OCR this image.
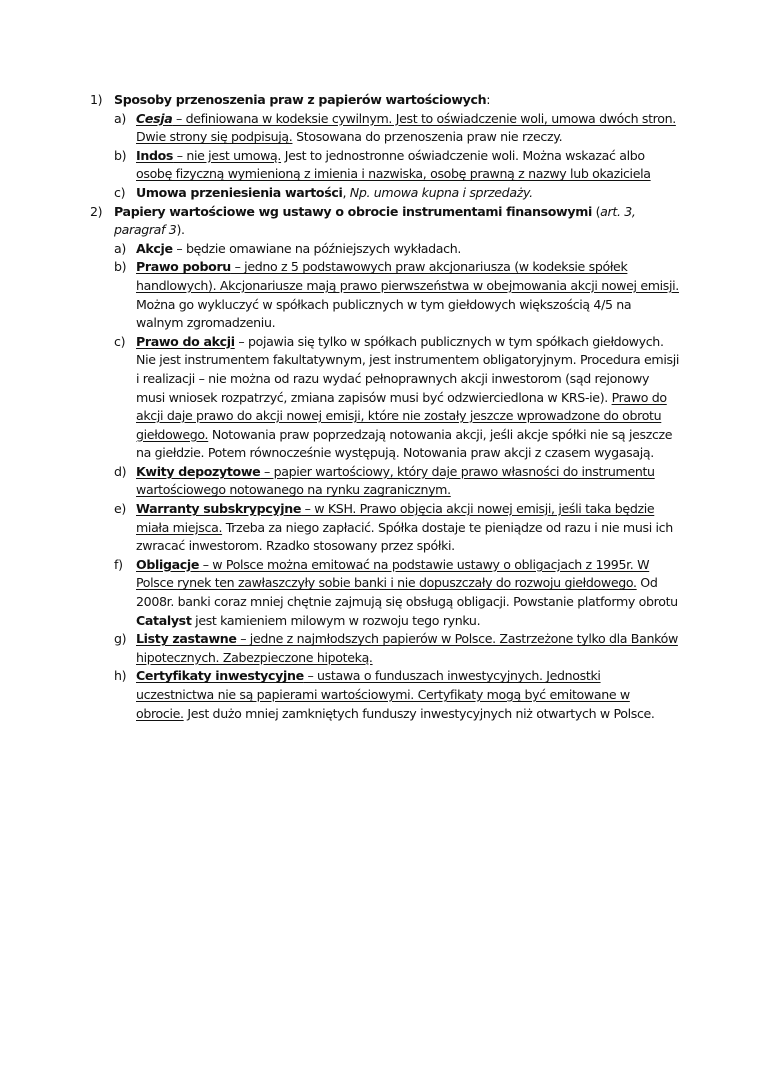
1) Sposoby przenoszenia praw z papierów wartościowych:
a) Cesja – definiowana w kodeksie cywilnym. Jest to oświadczenie woli, umowa dwóch stron. Dwie strony się podpisują. Stosowana do przenoszenia praw nie rzeczy.
b) Indos – nie jest umową. Jest to jednostronne oświadczenie woli. Można wskazać albo osobę fizyczną wymienioną z imienia i nazwiska, osobę prawną z nazwy lub okaziciela
c) Umowa przeniesienia wartości, Np. umowa kupna i sprzedaży.
2) Papiery wartościowe wg ustawy o obrocie instrumentami finansowymi (art. 3, paragraf 3).
a) Akcje – będzie omawiane na późniejszych wykładach.
b) Prawo poboru – jedno z 5 podstawowych praw akcjonariusza (w kodeksie spółek handlowych). Akcjonariusze mają prawo pierwszeństwa w obejmowania akcji nowej emisji. Można go wykluczyć w spółkach publicznych w tym giełdowych większością 4/5 na walnym zgromadzeniu.
c) Prawo do akcji – pojawia się tylko w spółkach publicznych w tym spółkach giełdowych. Nie jest instrumentem fakultatywnym, jest instrumentem obligatoryjnym. Procedura emisji i realizacji – nie można od razu wydać pełnoprawnych akcji inwestorom (sąd rejonowy musi wniosek rozpatrzyć, zmiana zapisów musi być odzwierciedlona w KRS-ie). Prawo do akcji daje prawo do akcji nowej emisji, które nie zostały jeszcze wprowadzone do obrotu giełdowego. Notowania praw poprzedzają notowania akcji, jeśli akcje spółki nie są jeszcze na giełdzie. Potem równocześnie występują. Notowania praw akcji z czasem wygasają.
d) Kwity depozytowe – papier wartościowy, który daje prawo własności do instrumentu wartościowego notowanego na rynku zagranicznym.
e) Warranty subskrypcyjne – w KSH. Prawo objęcia akcji nowej emisji, jeśli taka będzie miała miejsca. Trzeba za niego zapłacić. Spółka dostaje te pieniądze od razu i nie musi ich zwracać inwestorom. Rzadko stosowany przez spółki.
f)	Obligacje – w Polsce można emitować na podstawie ustawy o obligacjach z 1995r. W Polsce rynek ten zawłaszczyły sobie banki i nie dopuszczały do rozwoju giełdowego. Od 2008r. banki coraz mniej chętnie zajmują się obsługą obligacji. Powstanie platformy obrotu Catalyst jest kamieniem milowym w rozwoju tego rynku.
g) Listy zastawne – jedne z najmłodszych papierów w Polsce. Zastrzeżone tylko dla Banków hipotecznych. Zabezpieczone hipoteką.
h) Certyfikaty inwestycyjne – ustawa o funduszach inwestycyjnych. Jednostki uczestnictwa nie są papierami wartościowymi. Certyfikaty mogą być emitowane w obrocie. Jest dużo mniej zamkniętych funduszy inwestycyjnych niż otwartych w Polsce.
